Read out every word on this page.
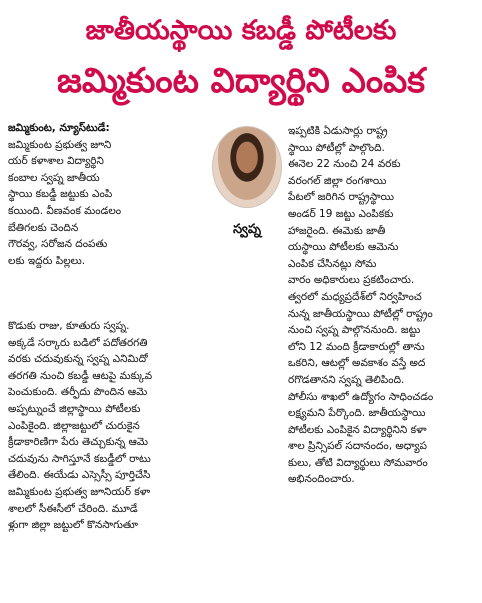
జాతీయస్థాయి కబడ్డీ పోటీలకు
జమ్మికుంట విద్యార్థిని ఎంపిక

జమ్మికుంట, న్యూస్‌టుడే:

జమ్మికుంట ప్రభుత్వ జూని

యర్ కళాశాల విద్యార్థిని

కంబాల స్వప్న జాతీయ

స్థాయి కబడ్డీ జట్టుకు ఎంపి

కయింది. వీణవంక మండలం

బేతిగలకు చెందిన

గౌరవ్వ, సరోజన దంపతు

లకు ఇద్దరు పిల్లలు.

స్వప్న

కొడుకు రాజు, కూతురు స్వప్న.

అక్కడే సర్కారు బడిలో పదోతరగతి

వరకు చదువుకున్న స్వప్న ఎనిమిదో

తరగతి నుంచి కబడ్డీ ఆటపై మక్కువ

పెంచుకుంది. తర్ఫీదు పొందిన ఆమె

అప్పట్నుంచే జిల్లాస్థాయి పోటీలకు

ఎంపికైంది. జిల్లాజట్టులో చురుకైన

క్రీడాకారిణిగా పేరు తెచ్చుకున్న ఆమె

చదువును సాగిస్తూనే కబడ్డీలో రాటు

తేలింది. ఈయేడు ఎస్సెస్సీ పూర్తిచేసి

జమ్మికుంట ప్రభుత్వ జూనియర్ కళా

శాలలో సీఈసీలో చేరింది. మూడే

ళ్లుగా జిల్లా జట్టులో కొనసాగుతూ

ఇప్పటికి ఏడుసార్లు రాష్ట్ర

స్థాయి పోటీల్లో పాల్గొంది.

ఈనెల 22 నుంచి 24 వరకు

వరంగల్ జిల్లా రంగశాయి

పేటలో జరిగిన రాష్ట్రస్థాయి

అండర్ 19 జట్టు ఎంపికకు

హాజరైంది. ఈమెకు జాతీ

యస్థాయి పోటీలకు ఆమెను

ఎంపిక చేసినట్లు సోమ

వారం అధికారులు ప్రకటించారు.

త్వరలో మధ్యప్రదేశ్‌లో నిర్వహించ

నున్న జాతీయస్థాయి పోటీల్లో రాష్ట్రం

నుంచి స్వప్న పాల్గొననుంది. జట్టు

లోని 12 మంది క్రీడాకారుల్లో తాను

ఒకరిని, ఆటల్లో అవకాశం వస్తే అద

రగొడతానని స్వప్న తెలిపింది.

పోలీసు శాఖలో ఉద్యోగం సాధించడం

లక్ష్యమని పేర్కొంది. జాతీయస్థాయి

పోటీలకు ఎంపికైన విద్యార్థినిని కళా

శాల ప్రిన్సిపల్ సదానందం, అధ్యాప

కులు, తోటి విద్యార్థులు సోమవారం

అభినందించారు.
